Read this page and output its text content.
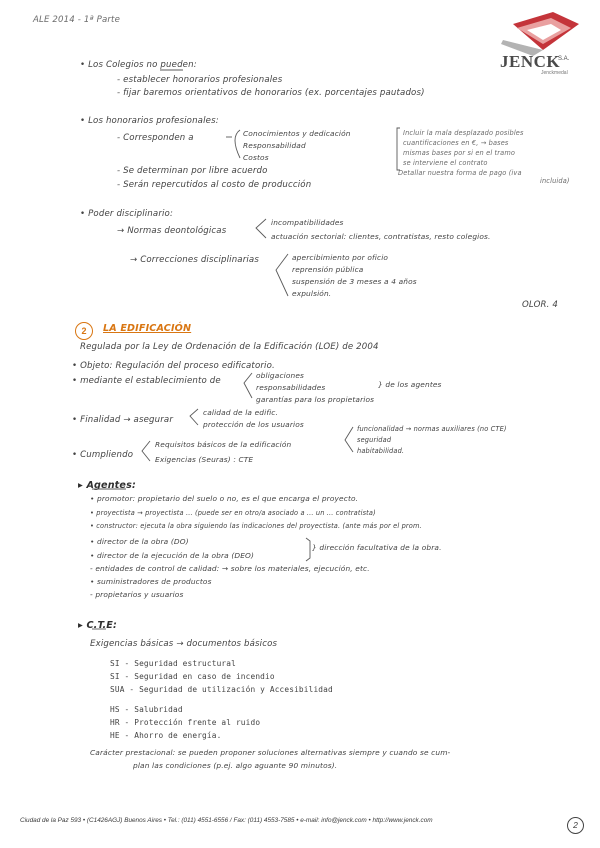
ALE 2014 - 1ª Parte
JENCK
S.A.
Jenckmedal
• Los Colegios no pueden:
- establecer honorarios profesionales
- fijar baremos orientativos de honorarios (ex. porcentajes pautados)
• Los honorarios profesionales:
- Corresponden a	Conocimientos y dedicación
Responsabilidad
Costos
Incluir la mala desplazado posibles
cuantificaciones en €, → bases
mismas bases por si en el tramo
se interviene el contrato
Detallar nuestra forma de pago (iva
incluida)
- Se determinan por libre acuerdo
- Serán repercutidos al costo de producción
• Poder disciplinario:
→ Normas deontológicas
incompatibilidades
actuación sectorial: clientes, contratistas, resto colegios.
→ Correcciones disciplinarias	apercibimiento por oficio
reprensión pública
suspensión de 3 meses a 4 años
expulsión.
OLOR. 4
2	LA EDIFICACIÓN
Regulada por la Ley de Ordenación de la Edificación (LOE) de 2004
• Objeto: Regulación del proceso edificatorio.
• mediante el establecimiento de
obligaciones
responsabilidades
garantías para los propietarios
} de los agentes
• Finalidad → asegurar
calidad de la edific.
protección de los usuarios
• Cumpliendo
Requisitos básicos de la edificación
Exigencias (Seuras) : CTE
funcionalidad → normas auxiliares (no CTE)
seguridad
habitabilidad.
▸ Agentes:
• promotor: propietario del suelo o no, es el que encarga el proyecto.
• proyectista → proyectista ... (puede ser en otro/a asociado a ... un ... contratista)
• constructor: ejecuta la obra siguiendo las indicaciones del proyectista. (ante más por el prom.
• director de la obra (DO)
• director de la ejecución de la obra (DEO)
} dirección facultativa de la obra.
- entidades de control de calidad: → sobre los materiales, ejecución, etc.
• suministradores de productos
- propietarios y usuarios
▸ C.T.E:
Exigencias básicas → documentos básicos
SI - Seguridad estructural
SI - Seguridad en caso de incendio
SUA - Seguridad de utilización y Accesibilidad
HS - Salubridad
HR - Protección frente al ruido
HE - Ahorro de energía.
Carácter prestacional: se pueden proponer soluciones alternativas siempre y cuando se cum-
plan las condiciones (p.ej. algo aguante 90 minutos).
Ciudad de la Paz 593 • (C1426AGJ) Buenos Aires • Tel.: (011) 4551-6556 / Fax: (011) 4553-7585 • e-mail: info@jenck.com • http://www.jenck.com	2
